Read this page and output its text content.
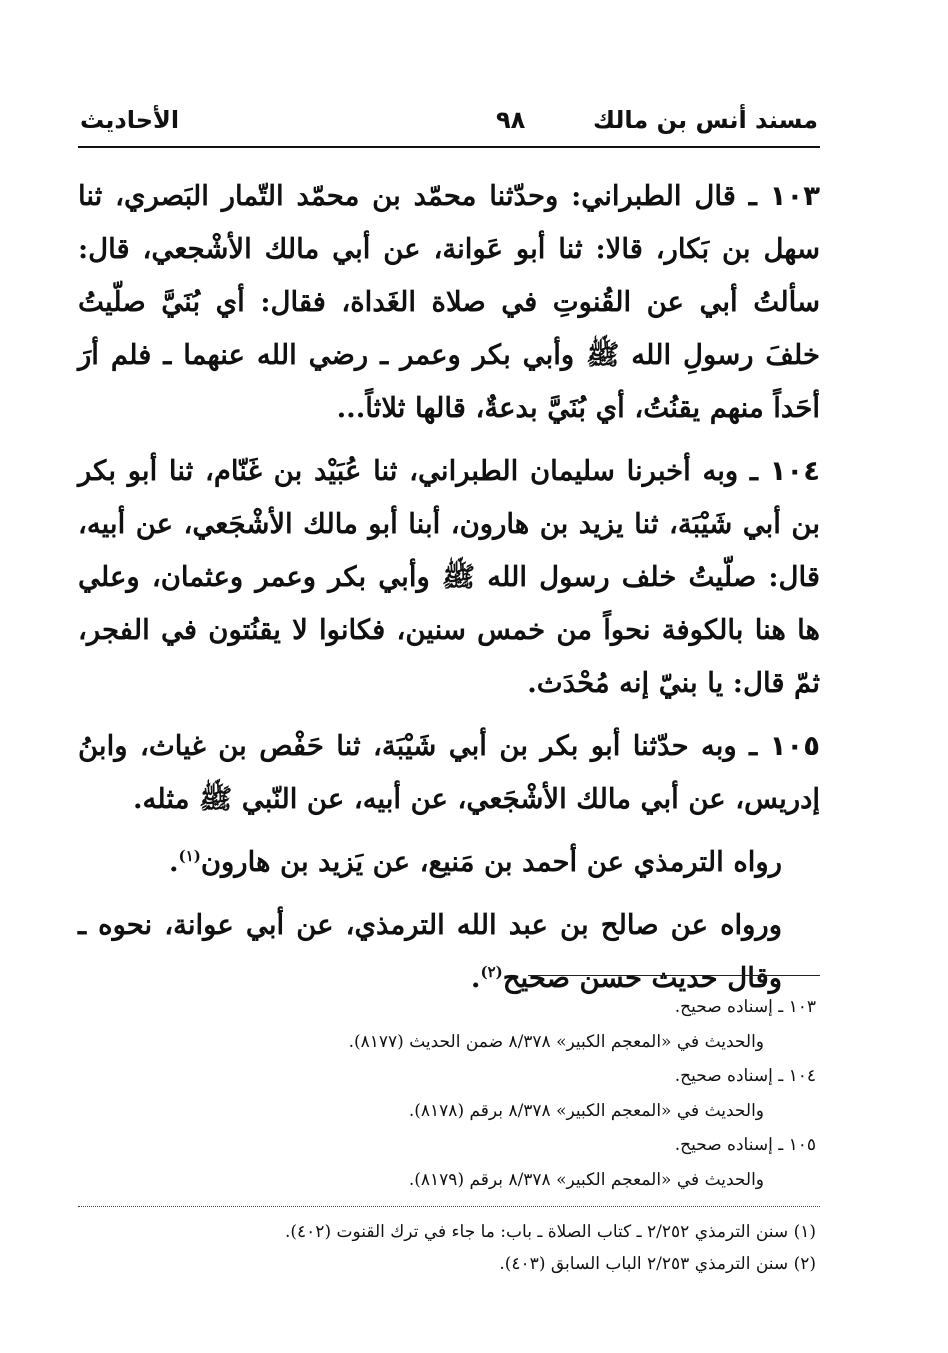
مسند أنس بن مالك
٩٨
الأحاديث

١٠٣ ـ قال الطبراني: وحدّثنا محمّد بن محمّد التّمار البَصري، ثنا سهل بن بَكار، قالا: ثنا أبو عَوانة، عن أبي مالك الأشْجعي، قال: سألتُ أبي عن القُنوتِ في صلاة الغَداة، فقال: أي بُنَيَّ صلّيتُ خلفَ رسولِ الله ﷺ وأبي بكر وعمر ـ رضي الله عنهما ـ فلم أرَ أحَداً منهم يقنُتُ، أي بُنَيَّ بدعةٌ، قالها ثلاثاً...

١٠٤ ـ وبه أخبرنا سليمان الطبراني، ثنا عُبَيْد بن غَنّام، ثنا أبو بكر بن أبي شَيْبَة، ثنا يزيد بن هارون، أبنا أبو مالك الأشْجَعي، عن أبيه، قال: صلّيتُ خلف رسول الله ﷺ وأبي بكر وعمر وعثمان، وعلي ها هنا بالكوفة نحواً من خمس سنين، فكانوا لا يقنُتون في الفجر، ثمّ قال: يا بنيّ إنه مُحْدَث.

١٠٥ ـ وبه حدّثنا أبو بكر بن أبي شَيْبَة، ثنا حَفْص بن غياث، وابنُ إدريس، عن أبي مالك الأشْجَعي، عن أبيه، عن النّبي ﷺ مثله.

رواه الترمذي عن أحمد بن مَنيع، عن يَزيد بن هارون$^{(١)}$.

ورواه عن صالح بن عبد الله الترمذي، عن أبي عوانة، نحوه ـ وقال حديث حسن صحيح$^{(٢)}$.

١٠٣ ـ إسناده صحيح.
والحديث في «المعجم الكبير» ٨/٣٧٨ ضمن الحديث (٨١٧٧).
١٠٤ ـ إسناده صحيح.
والحديث في «المعجم الكبير» ٨/٣٧٨ برقم (٨١٧٨).
١٠٥ ـ إسناده صحيح.
والحديث في «المعجم الكبير» ٨/٣٧٨ برقم (٨١٧٩).
(١) سنن الترمذي ٢/٢٥٢ ـ كتاب الصلاة ـ باب: ما جاء في ترك القنوت (٤٠٢).
(٢) سنن الترمذي ٢/٢٥٣ الباب السابق (٤٠٣).
